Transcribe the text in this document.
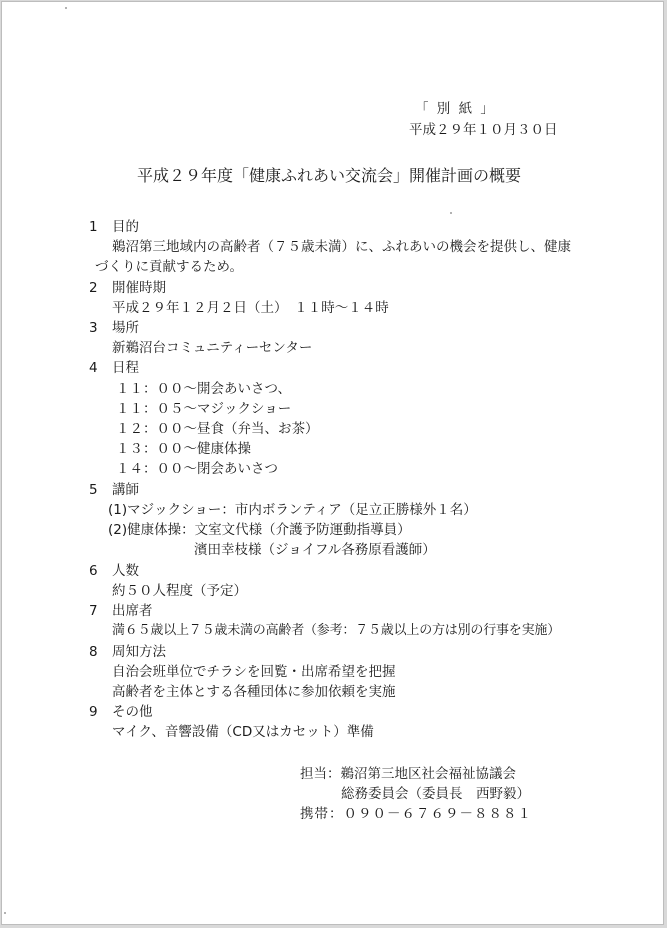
「 別 紙 」
平成２９年１０月３０日
平成２９年度「健康ふれあい交流会」開催計画の概要
1 目的
鵜沼第三地域内の高齢者（７５歳未満）に、ふれあいの機会を提供し、健康
づくりに貢献するため。
2 開催時期
平成２９年１２月２日（土）　１１時～１４時
3 場所
新鵜沼台コミュニティーセンター
4 日程
１１：００～開会あいさつ、
１１：０５～マジックショー
１２：００～昼食（弁当、お茶）
１３：００～健康体操
１４：００～閉会あいさつ
5 講師
(1)マジックショー：市内ボランティア（足立正勝様外１名）
(2)健康体操：文室文代様（介護予防運動指導員）
濱田幸枝様（ジョイフル各務原看護師）
6 人数
約５０人程度（予定）
7 出席者
満６５歳以上７５歳未満の高齢者（参考：７５歳以上の方は別の行事を実施）
8 周知方法
自治会班単位でチラシを回覧・出席希望を把握
高齢者を主体とする各種団体に参加依頼を実施
9 その他
マイク、音響設備（CD又はカセット）準備
担当：鵜沼第三地区社会福祉協議会
総務委員会（委員長　西野毅）
携帯：０９０－６７６９－８８８１
